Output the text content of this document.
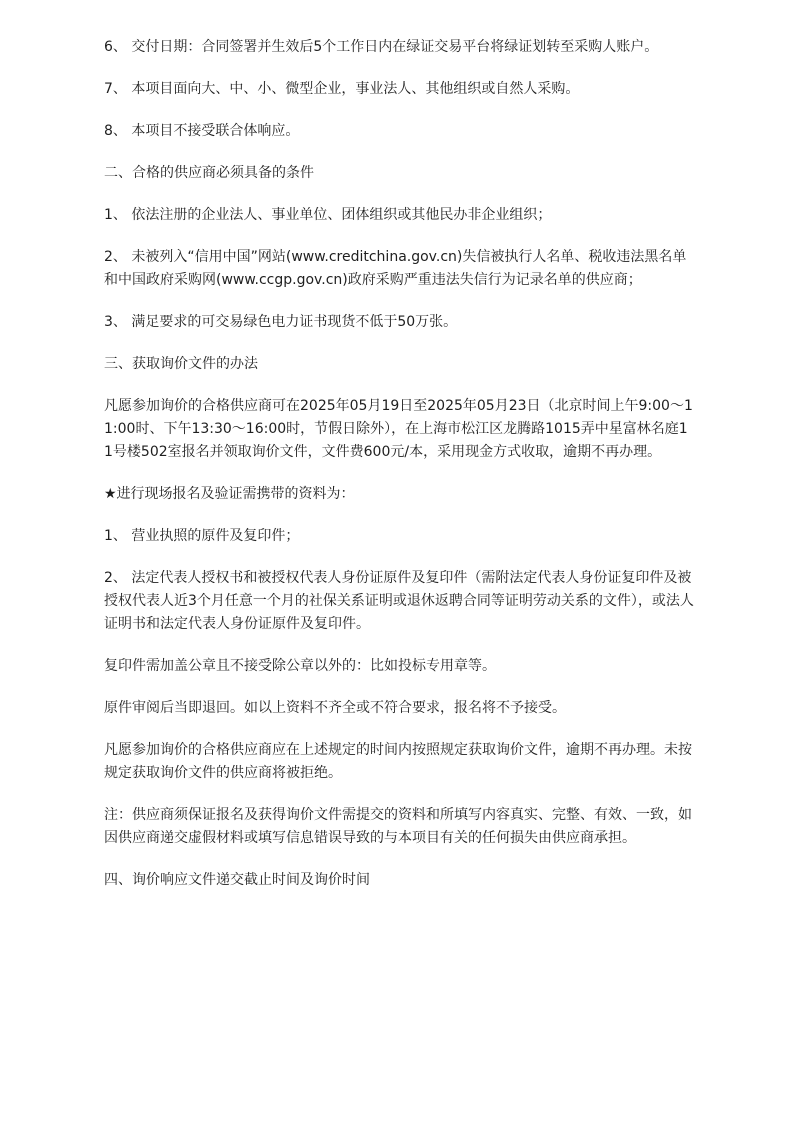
6、 交付日期：合同签署并生效后5个工作日内在绿证交易平台将绿证划转至采购人账户。

7、 本项目面向大、中、小、微型企业，事业法人、其他组织或自然人采购。

8、 本项目不接受联合体响应。

二、合格的供应商必须具备的条件

1、 依法注册的企业法人、事业单位、团体组织或其他民办非企业组织；

2、 未被列入“信用中国”网站(www.creditchina.gov.cn)失信被执行人名单、税收违法黑名单和中国政府采购网(www.ccgp.gov.cn)政府采购严重违法失信行为记录名单的供应商；

3、 满足要求的可交易绿色电力证书现货不低于50万张。

三、获取询价文件的办法

凡愿参加询价的合格供应商可在2025年05月19日至2025年05月23日（北京时间上午9:00～11:00时、下午13:30～16:00时，节假日除外），在上海市松江区龙腾路1015弄中星富林名庭11号楼502室报名并领取询价文件，文件费600元/本，采用现金方式收取，逾期不再办理。

★进行现场报名及验证需携带的资料为：

1、 营业执照的原件及复印件；

2、 法定代表人授权书和被授权代表人身份证原件及复印件（需附法定代表人身份证复印件及被授权代表人近3个月任意一个月的社保关系证明或退休返聘合同等证明劳动关系的文件），或法人证明书和法定代表人身份证原件及复印件。

复印件需加盖公章且不接受除公章以外的：比如投标专用章等。

原件审阅后当即退回。如以上资料不齐全或不符合要求，报名将不予接受。

凡愿参加询价的合格供应商应在上述规定的时间内按照规定获取询价文件，逾期不再办理。未按规定获取询价文件的供应商将被拒绝。

注：供应商须保证报名及获得询价文件需提交的资料和所填写内容真实、完整、有效、一致，如因供应商递交虚假材料或填写信息错误导致的与本项目有关的任何损失由供应商承担。

四、询价响应文件递交截止时间及询价时间
